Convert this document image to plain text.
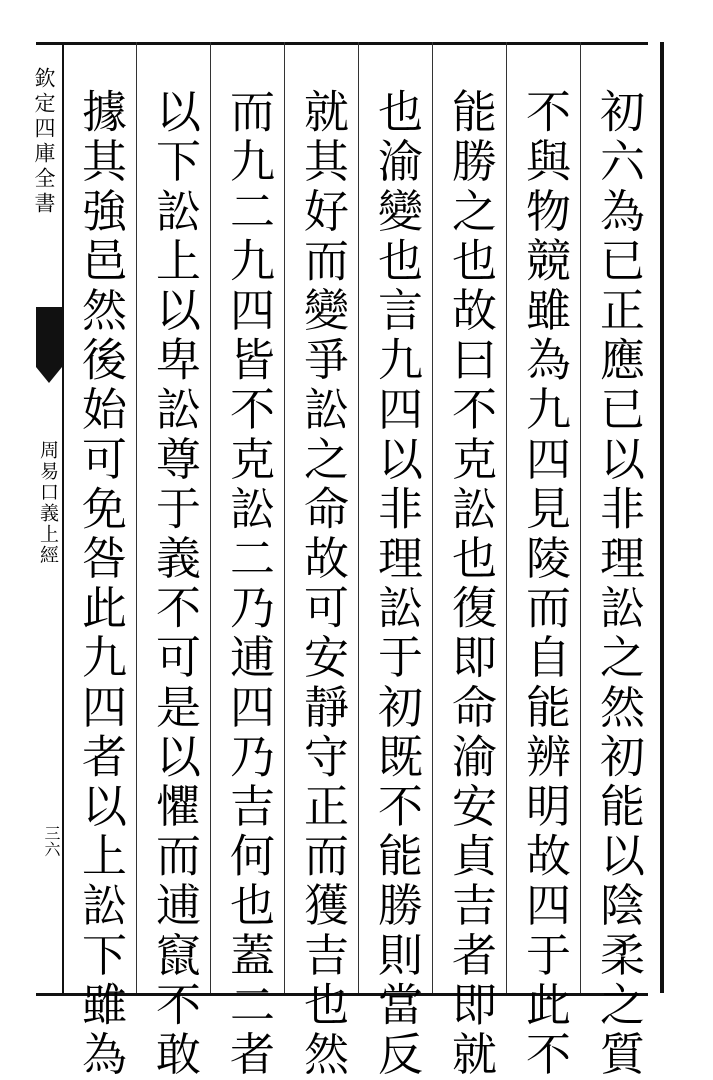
欽定四庫全書
周易口義上經
三六	初六為已正應已以非理訟之然初能以陰柔之質
不與物競雖為九四見陵而自能辨明故四于此不
能勝之也故曰不克訟也復即命渝安貞吉者即就
也渝變也言九四以非理訟于初既不能勝則當反
就其好而變爭訟之命故可安靜守正而獲吉也然
而九二九四皆不克訟二乃逋四乃吉何也蓋二者
以下訟上以卑訟尊于義不可是以懼而逋竄不敢
據其強邑然後始可免咎此九四者以上訟下雖為
